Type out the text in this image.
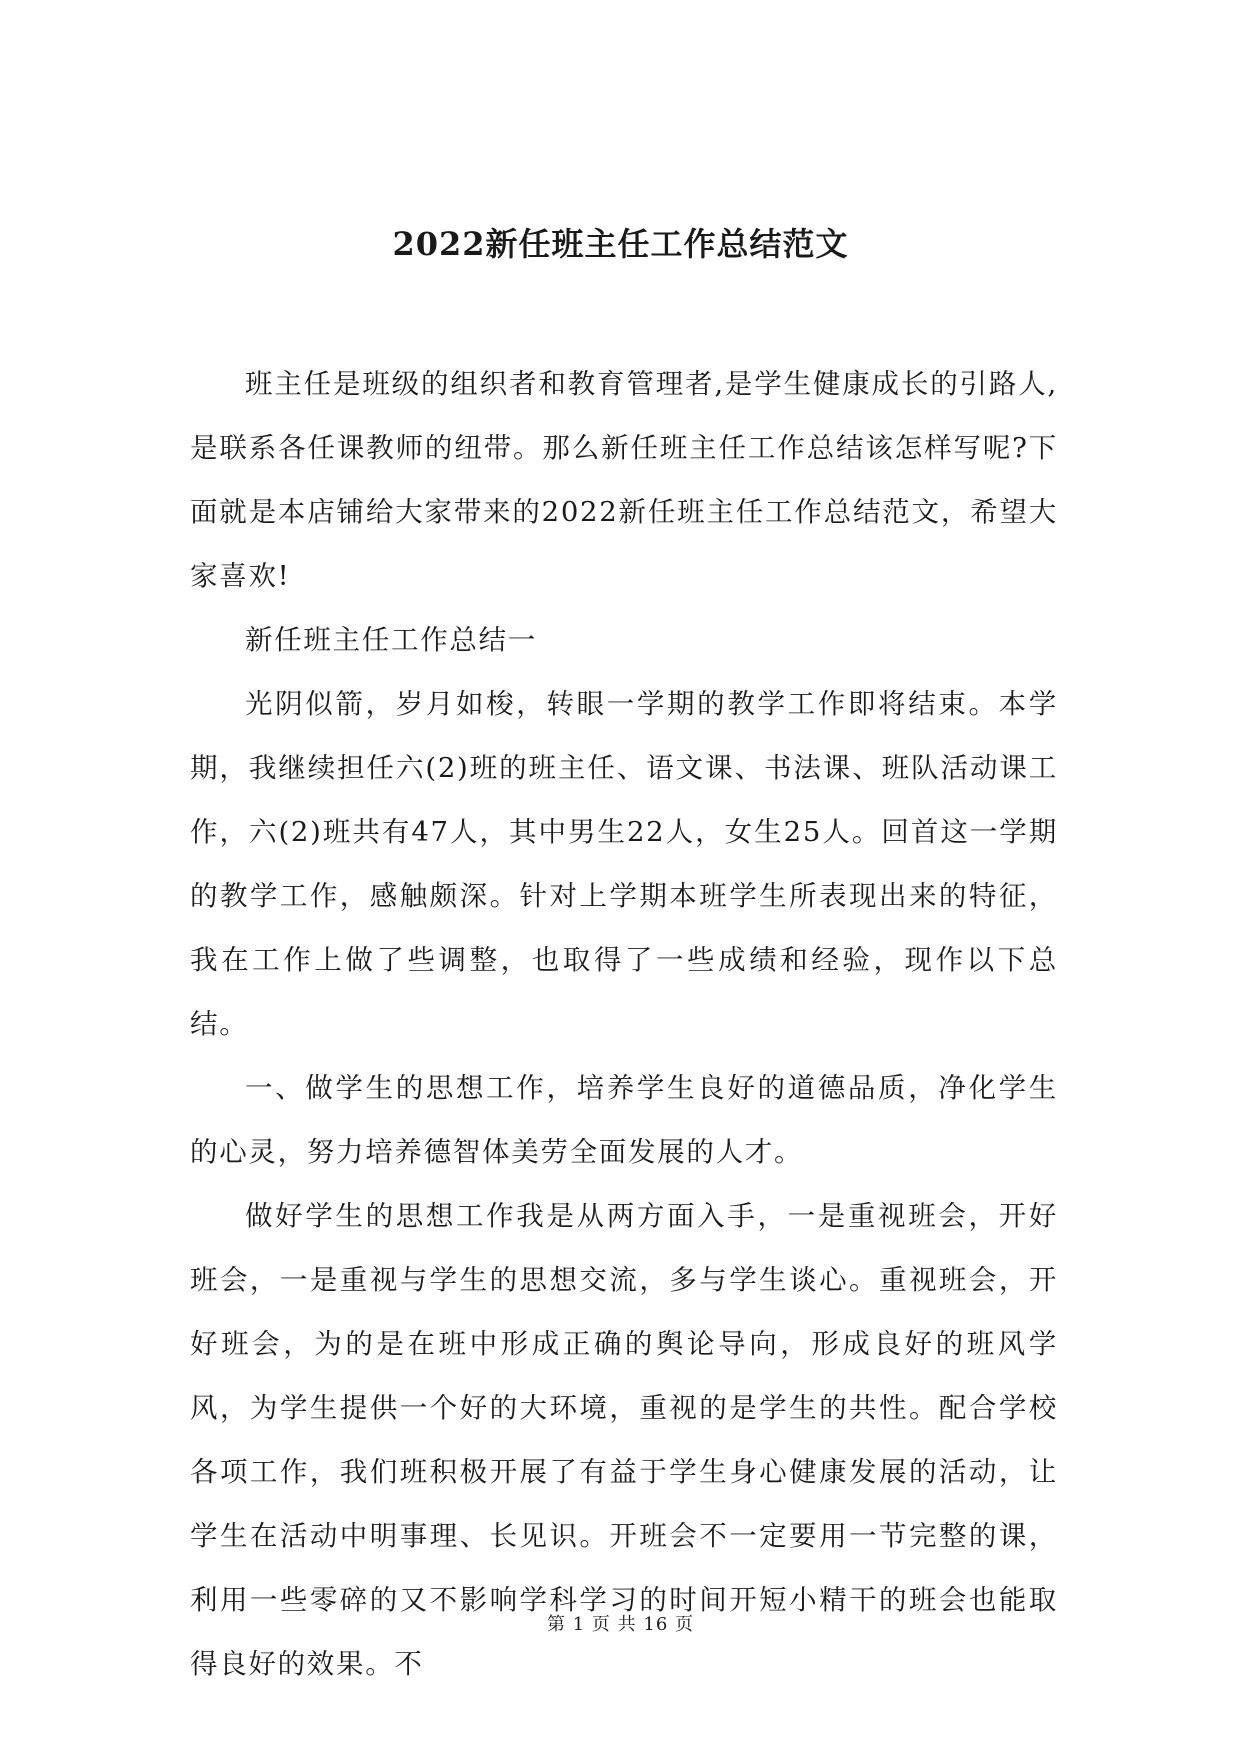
2022新任班主任工作总结范文

班主任是班级的组织者和教育管理者,是学生健康成长的引路人,是联系各任课教师的纽带。那么新任班主任工作总结该怎样写呢?下面就是本店铺给大家带来的2022新任班主任工作总结范文，希望大家喜欢!

新任班主任工作总结一

光阴似箭，岁月如梭，转眼一学期的教学工作即将结束。本学期，我继续担任六(2)班的班主任、语文课、书法课、班队活动课工作，六(2)班共有47人，其中男生22人，女生25人。回首这一学期的教学工作，感触颇深。针对上学期本班学生所表现出来的特征，我在工作上做了些调整，也取得了一些成绩和经验，现作以下总结。

一、做学生的思想工作，培养学生良好的道德品质，净化学生的心灵，努力培养德智体美劳全面发展的人才。

做好学生的思想工作我是从两方面入手，一是重视班会，开好班会，一是重视与学生的思想交流，多与学生谈心。重视班会，开好班会，为的是在班中形成正确的舆论导向，形成良好的班风学风，为学生提供一个好的大环境，重视的是学生的共性。配合学校各项工作，我们班积极开展了有益于学生身心健康发展的活动，让学生在活动中明事理、长见识。开班会不一定要用一节完整的课，利用一些零碎的又不影响学科学习的时间开短小精干的班会也能取得良好的效果。不

第 1 页 共 16 页
